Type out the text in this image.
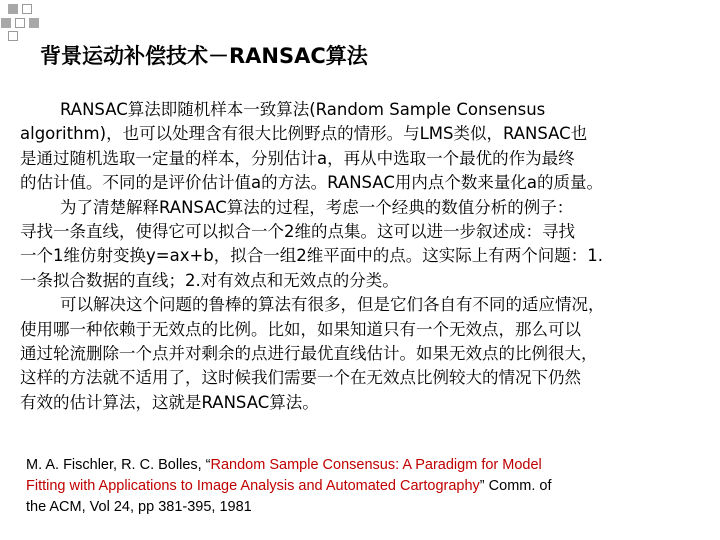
背景运动补偿技术－RANSAC算法
RANSAC算法即随机样本一致算法(Random Sample Consensus
algorithm)，也可以处理含有很大比例野点的情形。与LMS类似，RANSAC也
是通过随机选取一定量的样本，分别估计a，再从中选取一个最优的作为最终
的估计值。不同的是评价估计值a的方法。RANSAC用内点个数来量化a的质量。
为了清楚解释RANSAC算法的过程，考虑一个经典的数值分析的例子：
寻找一条直线，使得它可以拟合一个2维的点集。这可以进一步叙述成：寻找
一个1维仿射变换y=ax+b，拟合一组2维平面中的点。这实际上有两个问题：1.
一条拟合数据的直线；2.对有效点和无效点的分类。
可以解决这个问题的鲁棒的算法有很多，但是它们各自有不同的适应情况，
使用哪一种依赖于无效点的比例。比如，如果知道只有一个无效点，那么可以
通过轮流删除一个点并对剩余的点进行最优直线估计。如果无效点的比例很大，
这样的方法就不适用了，这时候我们需要一个在无效点比例较大的情况下仍然
有效的估计算法，这就是RANSAC算法。
M. A. Fischler, R. C. Bolles, “Random Sample Consensus: A Paradigm for Model
Fitting with Applications to Image Analysis and Automated Cartography” Comm. of
the ACM, Vol 24, pp 381-395, 1981
